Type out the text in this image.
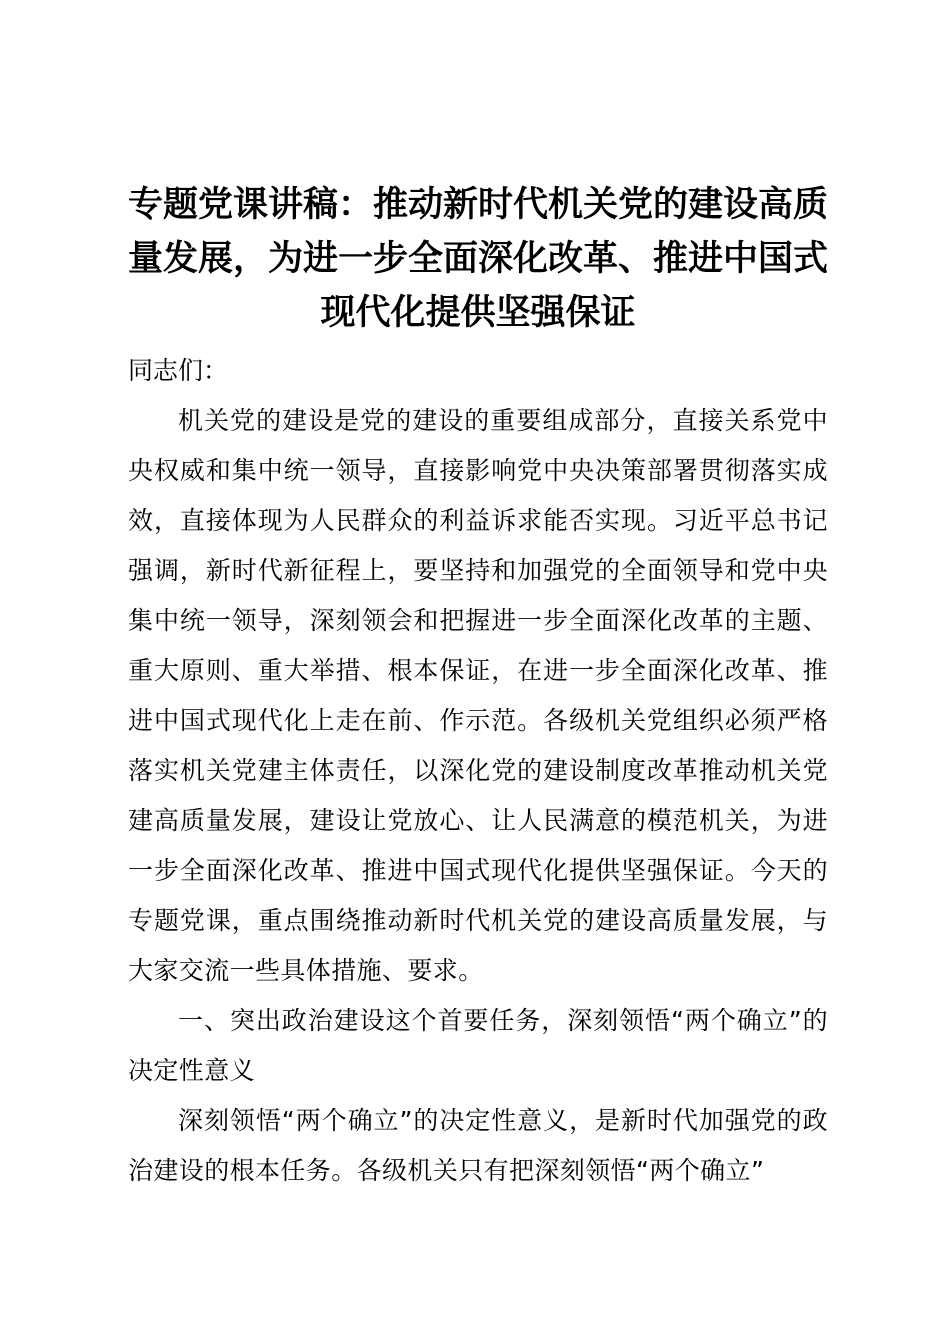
专题党课讲稿：推动新时代机关党的建设高质量发展，为进一步全面深化改革、推进中国式现代化提供坚强保证

同志们：

机关党的建设是党的建设的重要组成部分，直接关系党中央权威和集中统一领导，直接影响党中央决策部署贯彻落实成效，直接体现为人民群众的利益诉求能否实现。习近平总书记强调，新时代新征程上，要坚持和加强党的全面领导和党中央集中统一领导，深刻领会和把握进一步全面深化改革的主题、重大原则、重大举措、根本保证，在进一步全面深化改革、推进中国式现代化上走在前、作示范。各级机关党组织必须严格落实机关党建主体责任，以深化党的建设制度改革推动机关党建高质量发展，建设让党放心、让人民满意的模范机关，为进一步全面深化改革、推进中国式现代化提供坚强保证。今天的专题党课，重点围绕推动新时代机关党的建设高质量发展，与大家交流一些具体措施、要求。

一、突出政治建设这个首要任务，深刻领悟“两个确立”的决定性意义

深刻领悟“两个确立”的决定性意义，是新时代加强党的政治建设的根本任务。各级机关只有把深刻领悟“两个确立”
